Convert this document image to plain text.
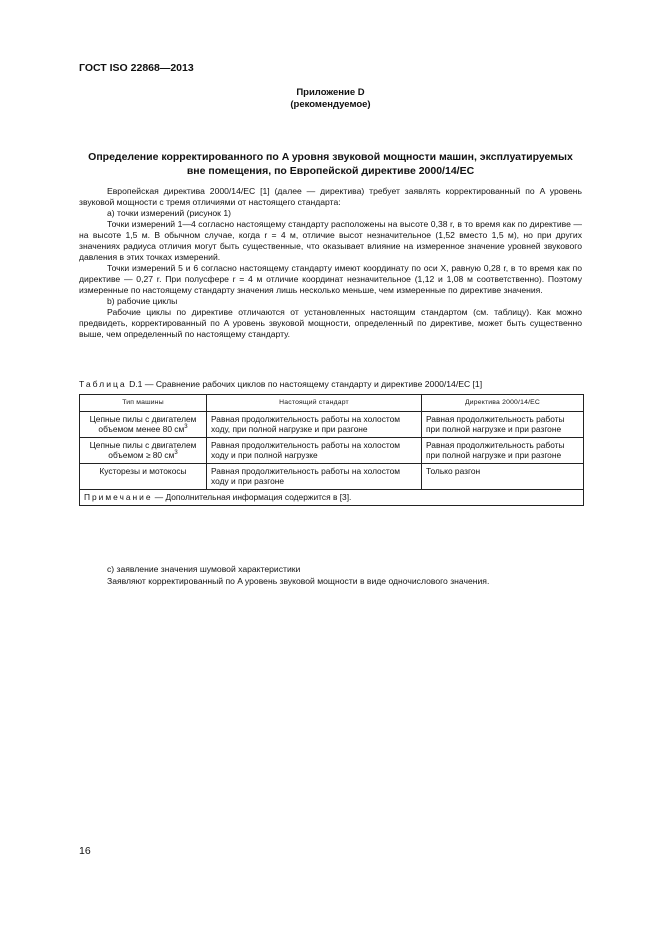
ГОСТ ISO 22868—2013
Приложение D
(рекомендуемое)
Определение корректированного по A уровня звуковой мощности машин, эксплуатируемых
вне помещения, по Европейской директиве 2000/14/EC

Европейская директива 2000/14/EC [1] (далее — директива) требует заявлять корректированный по A уровень звуковой мощности с тремя отличиями от настоящего стандарта:

а) точки измерений (рисунок 1)

Точки измерений 1—4 согласно настоящему стандарту расположены на высоте 0,38 r, в то время как по директиве — на высоте 1,5 м. В обычном случае, когда r = 4 м, отличие высот незначительное (1,52 вместо 1,5 м), но при других значениях радиуса отличия могут быть существенные, что оказывает влияние на измеренное значение уровней звукового давления в этих точках измерений.

Точки измерений 5 и 6 согласно настоящему стандарту имеют координату по оси X, равную 0,28 r, в то время как по директиве — 0,27 r. При полусфере r = 4 м отличие координат незначительное (1,12 и 1,08 м соответственно). Поэтому измеренные по настоящему стандарту значения лишь несколько меньше, чем измеренные по директиве значения.

b) рабочие циклы

Рабочие циклы по директиве отличаются от установленных настоящим стандартом (см. таблицу). Как можно предвидеть, корректированный по A уровень звуковой мощности, определенный по директиве, может быть существенно выше, чем определенный по настоящему стандарту.

Таблица D.1 — Сравнение рабочих циклов по настоящему стандарту и директиве 2000/14/EC [1]
Тип машины	Настоящий стандарт	Директива 2000/14/EC
Цепные пилы с двигателем объемом менее 80 $см^3$	Равная продолжительность работы на холостом ходу, при полной нагрузке и при разгоне	Равная продолжительность работы при полной нагрузке и при разгоне
Цепные пилы с двигателем объемом ≥ 80 $см^3$	Равная продолжительность работы на холостом ходу и при полной нагрузке	Равная продолжительность работы при полной нагрузке и при разгоне
Кусторезы и мотокосы	Равная продолжительность работы на холостом ходу и при разгоне	Только разгон
Примечание — Дополнительная информация содержится в [3].		

c) заявление значения шумовой характеристики

Заявляют корректированный по A уровень звуковой мощности в виде одночислового значения.

16
